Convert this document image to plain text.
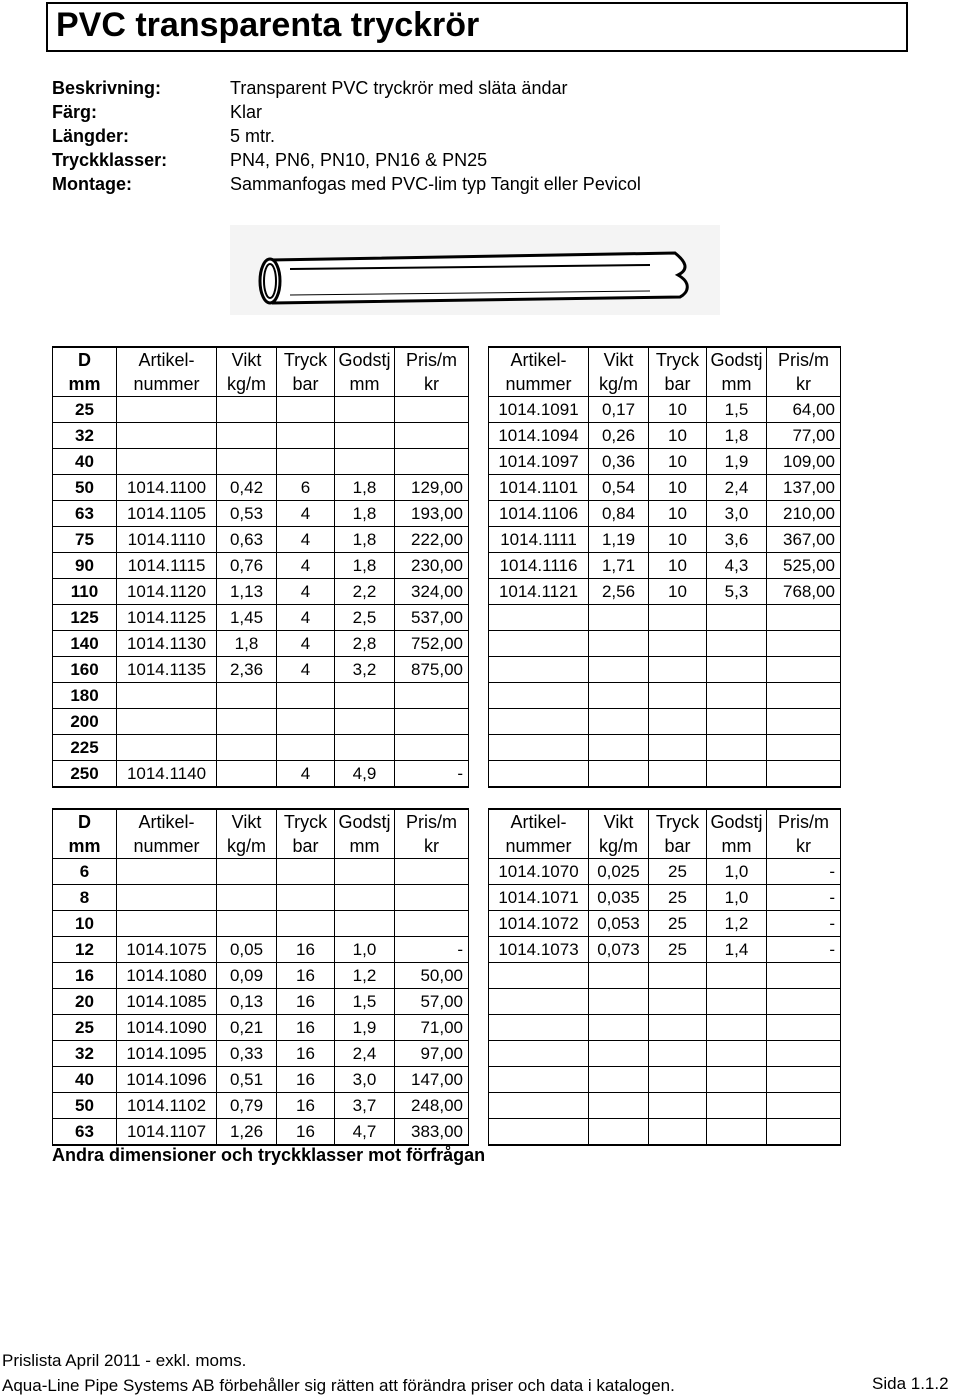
PVC transparenta tryckrör
Beskrivning:	Transparent PVC tryckrör med släta ändar
Färg:	Klar
Längder:	5 mtr.
Tryckklasser:	PN4, PN6, PN10, PN16 & PN25
Montage:	Sammanfogas med PVC-lim typ Tangit eller Pevicol
D	Artikel-	Vikt	Tryck	Godstj	Pris/m		Artikel-	Vikt	Tryck	Godstj	Pris/m
mm	nummer	kg/m	bar	mm	kr		nummer	kg/m	bar	mm	kr
25							1014.1091	0,17	10	1,5	64,00
32							1014.1094	0,26	10	1,8	77,00
40							1014.1097	0,36	10	1,9	109,00
50	1014.1100	0,42	6	1,8	129,00		1014.1101	0,54	10	2,4	137,00
63	1014.1105	0,53	4	1,8	193,00		1014.1106	0,84	10	3,0	210,00
75	1014.1110	0,63	4	1,8	222,00		1014.1111	1,19	10	3,6	367,00
90	1014.1115	0,76	4	1,8	230,00		1014.1116	1,71	10	4,3	525,00
110	1014.1120	1,13	4	2,2	324,00		1014.1121	2,56	10	5,3	768,00
125	1014.1125	1,45	4	2,5	537,00						
140	1014.1130	1,8	4	2,8	752,00						
160	1014.1135	2,36	4	3,2	875,00						
180											
200											
225											
250	1014.1140		4	4,9	-						
D	Artikel-	Vikt	Tryck	Godstj	Pris/m		Artikel-	Vikt	Tryck	Godstj	Pris/m
mm	nummer	kg/m	bar	mm	kr		nummer	kg/m	bar	mm	kr
6							1014.1070	0,025	25	1,0	-
8							1014.1071	0,035	25	1,0	-
10							1014.1072	0,053	25	1,2	-
12	1014.1075	0,05	16	1,0	-		1014.1073	0,073	25	1,4	-
16	1014.1080	0,09	16	1,2	50,00						
20	1014.1085	0,13	16	1,5	57,00						
25	1014.1090	0,21	16	1,9	71,00						
32	1014.1095	0,33	16	2,4	97,00						
40	1014.1096	0,51	16	3,0	147,00						
50	1014.1102	0,79	16	3,7	248,00						
63	1014.1107	1,26	16	4,7	383,00						
Andra dimensioner och tryckklasser mot förfrågan
Prislista April 2011 - exkl. moms.
Aqua-Line Pipe Systems AB förbehåller sig rätten att förändra priser och data i katalogen.	Sida 1.1.2
